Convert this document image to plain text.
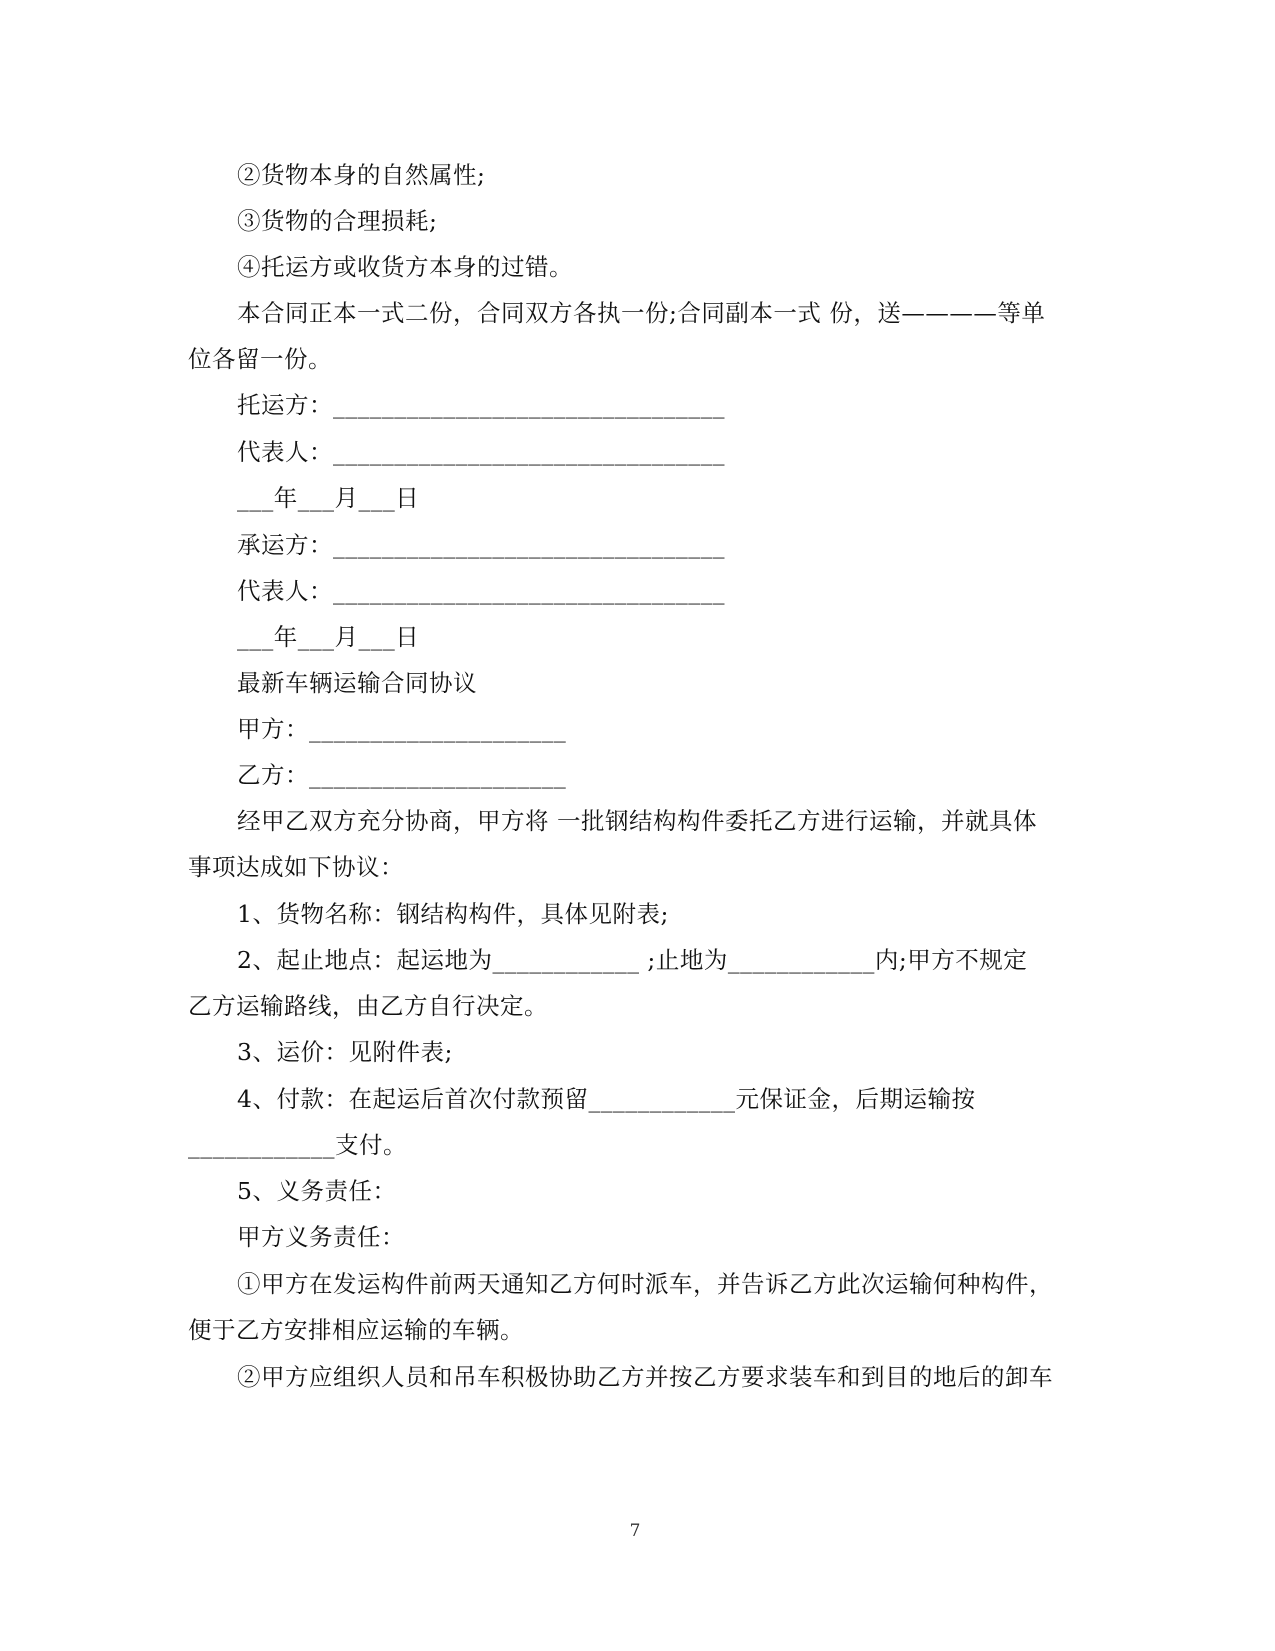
②货物本身的自然属性;
③货物的合理损耗;
④托运方或收货方本身的过错。
本合同正本一式二份，合同双方各执一份;合同副本一式 份，送————等单
位各留一份。
托运方：________________________________
代表人：________________________________
___年___月___日
承运方：________________________________
代表人：________________________________
___年___月___日
最新车辆运输合同协议
甲方：_____________________
乙方：_____________________
经甲乙双方充分协商，甲方将 一批钢结构构件委托乙方进行运输，并就具体
事项达成如下协议：
1、货物名称：钢结构构件，具体见附表;
2、起止地点：起运地为____________ ;止地为____________内;甲方不规定
乙方运输路线，由乙方自行决定。
3、运价：见附件表;
4、付款：在起运后首次付款预留____________元保证金，后期运输按
____________支付。
5、义务责任：
甲方义务责任：
①甲方在发运构件前两天通知乙方何时派车，并告诉乙方此次运输何种构件，
便于乙方安排相应运输的车辆。
②甲方应组织人员和吊车积极协助乙方并按乙方要求装车和到目的地后的卸车
7
